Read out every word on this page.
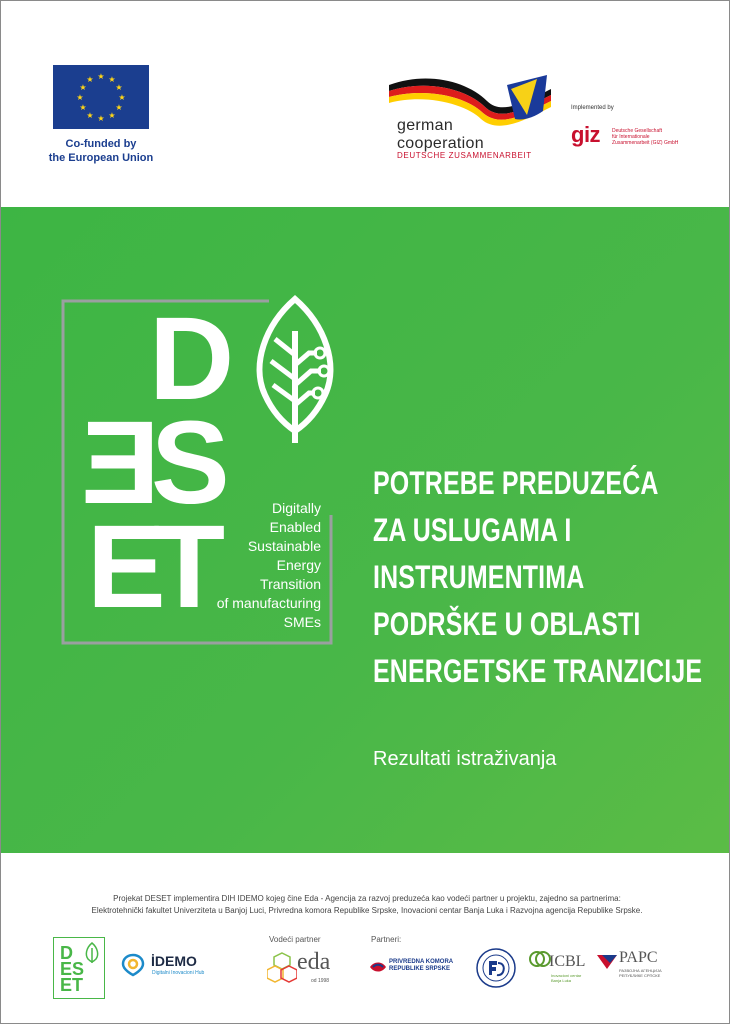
★ ★
★
★
★
★
★
★
★
★
★
★
Co-funded by
the European Union
german
cooperation
DEUTSCHE ZUSAMMENARBEIT
Implemented by
giz Deutsche Gesellschaft
für Internationale
Zusammenarbeit (GIZ) GmbH
D
E
S
E
T	Digitally
Enabled
Sustainable
Energy
Transition
of manufacturing
SMEs
POTREBE PREDUZEĆA
ZA USLUGAMA I
INSTRUMENTIMA
PODRŠKE U OBLASTI
ENERGETSKE TRANZICIJE
Rezultati istraživanja
Projekat DESET implementira DIH IDEMO kojeg čine Eda - Agencija za razvoj preduzeća kao vodeći partner u projektu, zajedno sa partnerima:
Elektrotehnički fakultet Univerziteta u Banjoj Luci, Privredna komora Republike Srpske, Inovacioni centar Banja Luka i Razvojna agencija Republike Srpske.
D
ES
ET
İDEMO
Digitalni Inovacioni Hub
Vodeći partner
eda
od 1998
Partneri:
PRIVREDNA KOMORA
REPUBLIKE SRPSKE	ICBL
Inovacioni centar Banja Luka
PAPC
РАЗВОЈНА АГЕНЦИЈА
РЕПУБЛИКЕ СРПСКЕ
